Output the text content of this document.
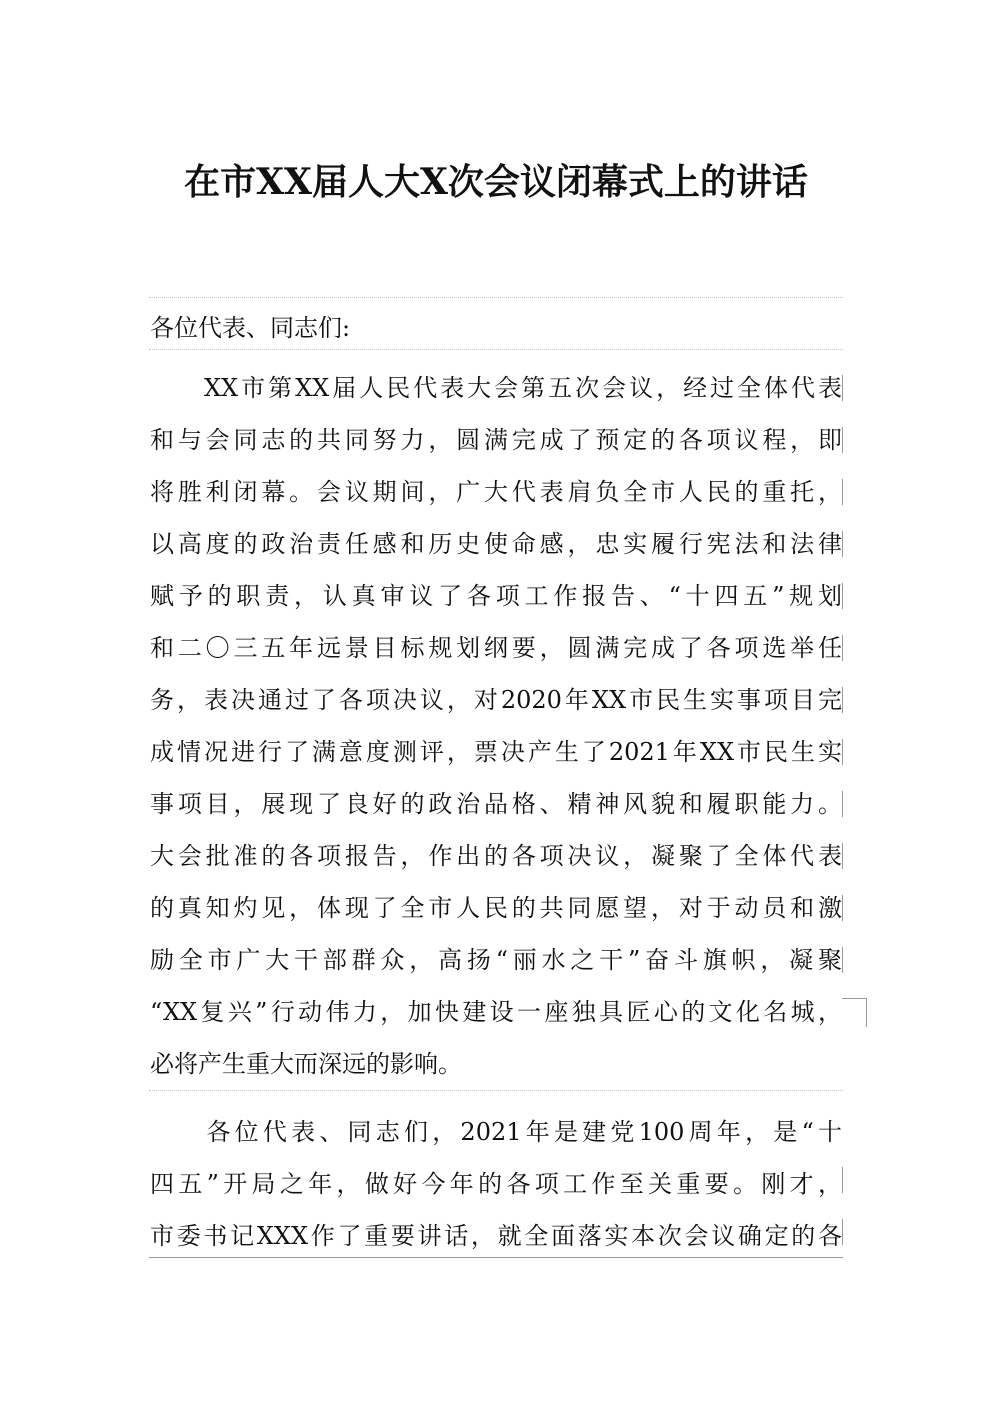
在市XX届人大X次会议闭幕式上的讲话
各位代表、同志们:
　　XX市第XX届人民代表大会第五次会议，经过全体代表
和与会同志的共同努力，圆满完成了预定的各项议程，即
将胜利闭幕。会议期间，广大代表肩负全市人民的重托，
以高度的政治责任感和历史使命感，忠实履行宪法和法律
赋予的职责，认真审议了各项工作报告、“十四五”规划
和二〇三五年远景目标规划纲要，圆满完成了各项选举任
务，表决通过了各项决议，对2020年XX市民生实事项目完
成情况进行了满意度测评，票决产生了2021年XX市民生实
事项目，展现了良好的政治品格、精神风貌和履职能力。
大会批准的各项报告，作出的各项决议，凝聚了全体代表
的真知灼见，体现了全市人民的共同愿望，对于动员和激
励全市广大干部群众，高扬“丽水之干”奋斗旗帜，凝聚
“XX复兴”行动伟力，加快建设一座独具匠心的文化名城，
必将产生重大而深远的影响。
　　各位代表、同志们，2021年是建党100周年，是“十
四五”开局之年，做好今年的各项工作至关重要。刚才，
市委书记XXX作了重要讲话，就全面落实本次会议确定的各
